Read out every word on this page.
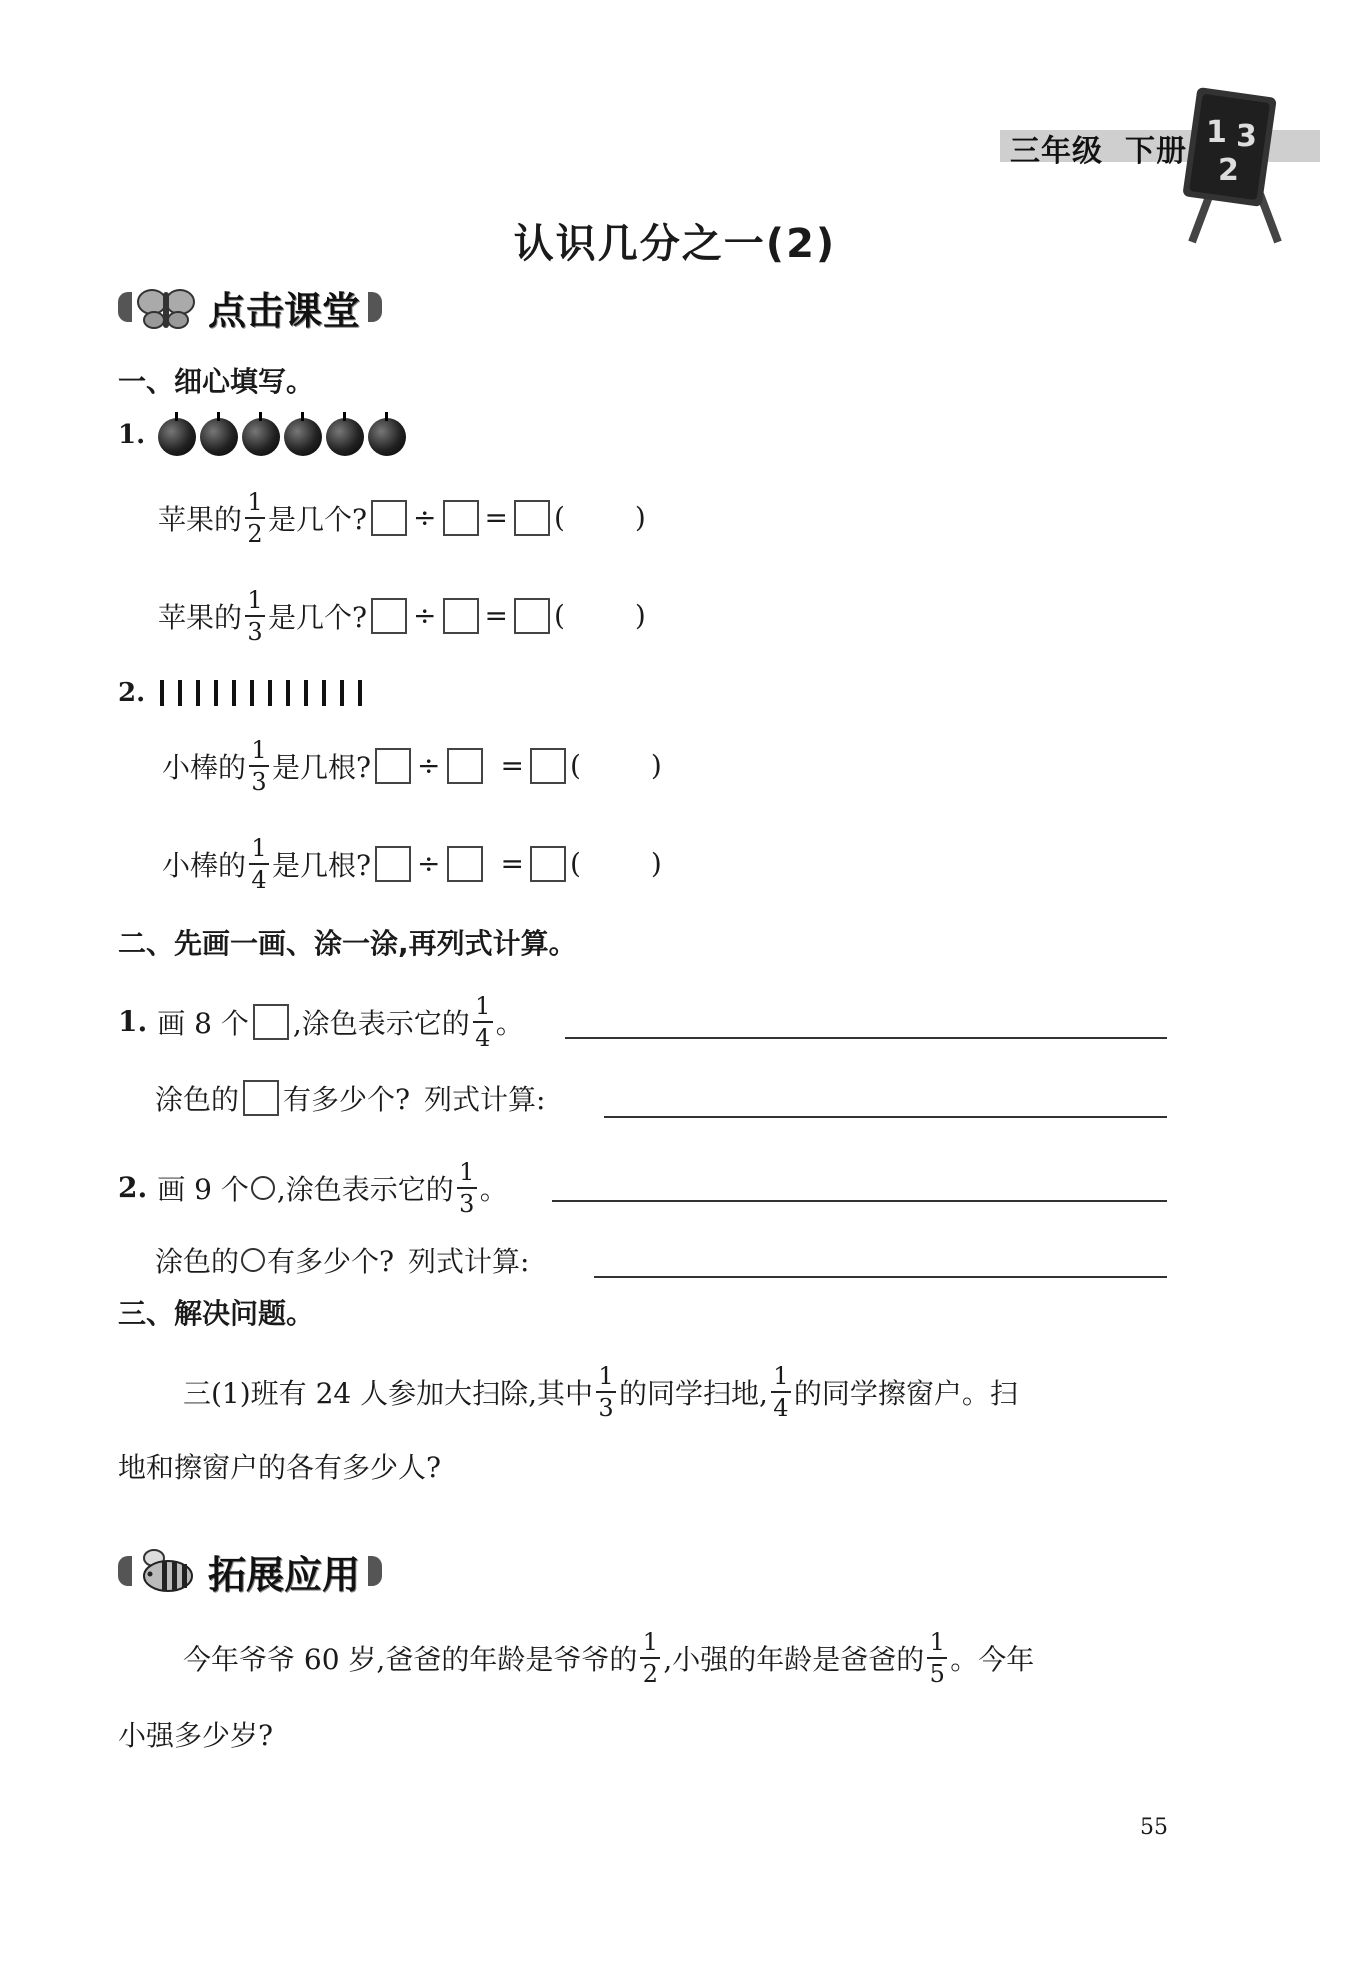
三年级 下册
1 3
2
认识几分之一(2)
点击课堂
一、细心填写。
1.
苹果的 $\frac{1}{2}$ 是几个? ÷ = (	)
苹果的 $\frac{1}{3}$ 是几个? ÷ = (	)
2.
小棒的 $\frac{1}{3}$ 是几根? ÷ = (	)
小棒的 $\frac{1}{4}$ 是几根? ÷ = (	)
二、先画一画、涂一涂,再列式计算。
1. 画 8 个 ,涂色表示它的 $\frac{1}{4}$ 。
涂色的 有多少个? 列式计算:
2. 画 9 个 ,涂色表示它的 $\frac{1}{3}$ 。
涂色的 有多少个? 列式计算:
三、解决问题。
三(1)班有 24 人参加大扫除,其中 $\frac{1}{3}$ 的同学扫地, $\frac{1}{4}$ 的同学擦窗户。扫
地和擦窗户的各有多少人?
拓展应用
今年爷爷 60 岁,爸爸的年龄是爷爷的 $\frac{1}{2}$ ,小强的年龄是爸爸的 $\frac{1}{5}$ 。今年
小强多少岁?
55
